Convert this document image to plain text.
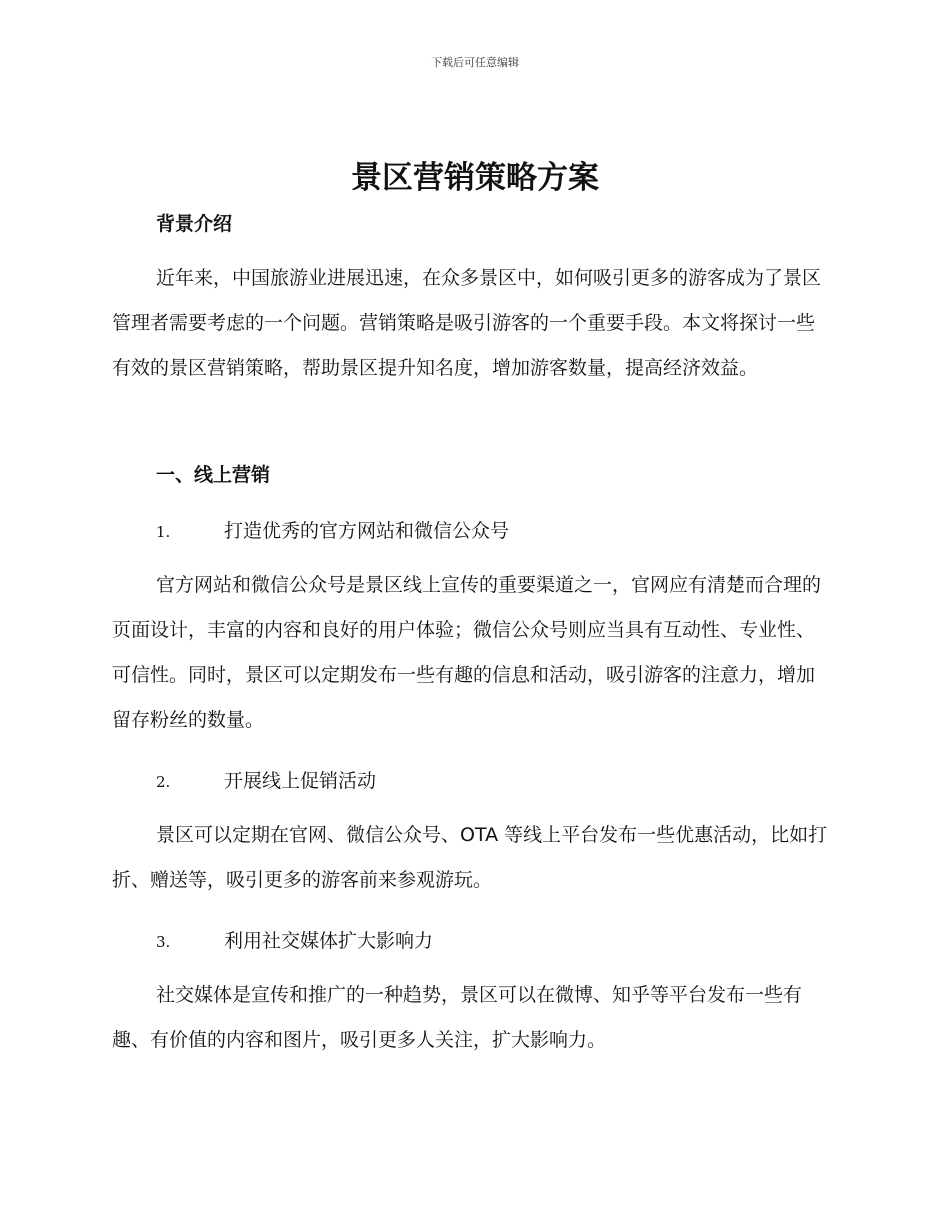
下载后可任意编辑
景区营销策略方案
背景介绍

近年来，中国旅游业进展迅速，在众多景区中，如何吸引更多的游客成为了景区管理者需要考虑的一个问题。营销策略是吸引游客的一个重要手段。本文将探讨一些有效的景区营销策略，帮助景区提升知名度，增加游客数量，提高经济效益。

一、线上营销
1.	打造优秀的官方网站和微信公众号

官方网站和微信公众号是景区线上宣传的重要渠道之一，官网应有清楚而合理的页面设计，丰富的内容和良好的用户体验；微信公众号则应当具有互动性、专业性、可信性。同时，景区可以定期发布一些有趣的信息和活动，吸引游客的注意力，增加留存粉丝的数量。

2.	开展线上促销活动

景区可以定期在官网、微信公众号、OTA 等线上平台发布一些优惠活动，比如打折、赠送等，吸引更多的游客前来参观游玩。

3.	利用社交媒体扩大影响力

社交媒体是宣传和推广的一种趋势，景区可以在微博、知乎等平台发布一些有趣、有价值的内容和图片，吸引更多人关注，扩大影响力。
